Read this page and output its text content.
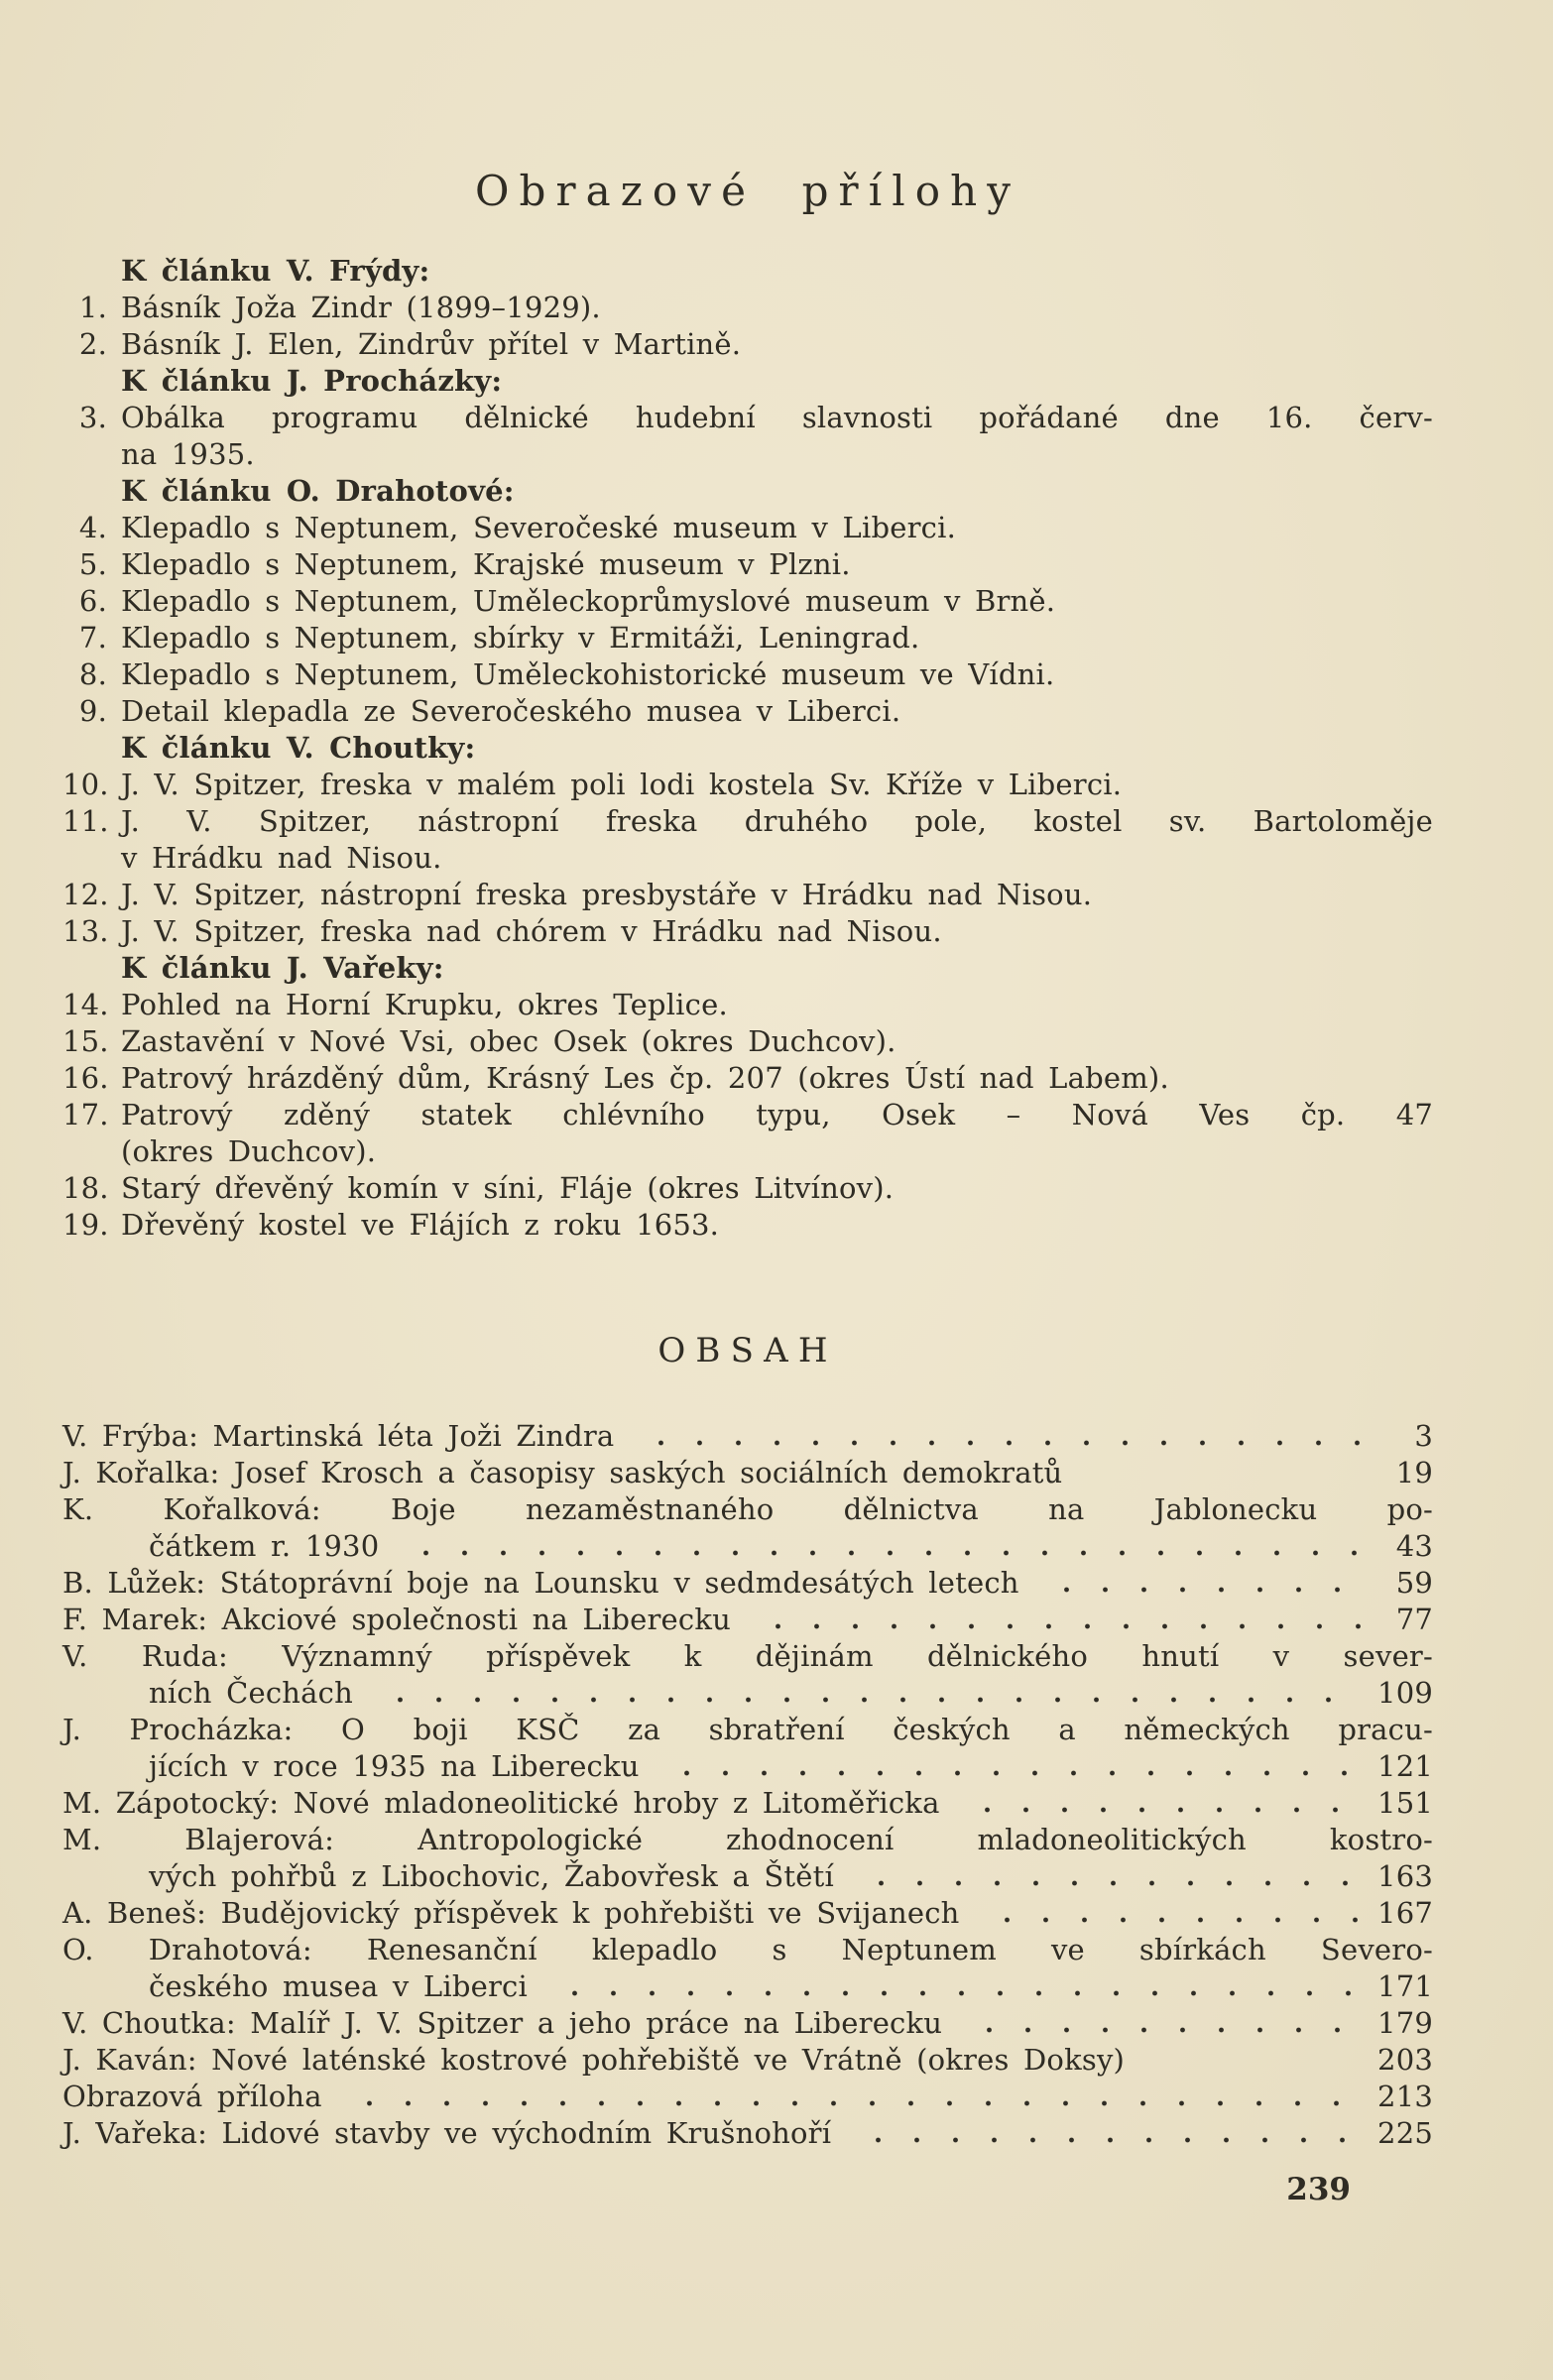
Obrazové přílohy
K článku V. Frýdy:
1. Básník Joža Zindr (1899–1929).
2. Básník J. Elen, Zindrův přítel v Martině.
K článku J. Procházky:
3. Obálka programu dělnické hudební slavnosti pořádané dne 16. červ-
na 1935.
K článku O. Drahotové:
4. Klepadlo s Neptunem, Severočeské museum v Liberci.
5. Klepadlo s Neptunem, Krajské museum v Plzni.
6. Klepadlo s Neptunem, Uměleckoprůmyslové museum v Brně.
7. Klepadlo s Neptunem, sbírky v Ermitáži, Leningrad.
8. Klepadlo s Neptunem, Uměleckohistorické museum ve Vídni.
9. Detail klepadla ze Severočeského musea v Liberci.
K článku V. Choutky:
10. J. V. Spitzer, freska v malém poli lodi kostela Sv. Kříže v Liberci.
11. J. V. Spitzer, nástropní freska druhého pole, kostel sv. Bartoloměje
v Hrádku nad Nisou.
12. J. V. Spitzer, nástropní freska presbystáře v Hrádku nad Nisou.
13. J. V. Spitzer, freska nad chórem v Hrádku nad Nisou.
K článku J. Vařeky:
14. Pohled na Horní Krupku, okres Teplice.
15. Zastavění v Nové Vsi, obec Osek (okres Duchcov).
16. Patrový hrázděný dům, Krásný Les čp. 207 (okres Ústí nad Labem).
17. Patrový zděný statek chlévního typu, Osek – Nová Ves čp. 47
(okres Duchcov).
18. Starý dřevěný komín v síni, Fláje (okres Litvínov).
19. Dřevěný kostel ve Flájích z roku 1653.
OBSAH
V. Frýba: Martinská léta Joži Zindra	3
J. Kořalka: Josef Krosch a časopisy saských sociálních demokratů	19
K. Kořalková: Boje nezaměstnaného dělnictva na Jablonecku po-
čátkem r. 1930	43
B. Lůžek: Státoprávní boje na Lounsku v sedmdesátých letech	59
F. Marek: Akciové společnosti na Liberecku	77
V. Ruda: Významný příspěvek k dějinám dělnického hnutí v sever-
ních Čechách	109
J. Procházka: O boji KSČ za sbratření českých a německých pracu-
jících v roce 1935 na Liberecku	121
M. Zápotocký: Nové mladoneolitické hroby z Litoměřicka	151
M. Blajerová: Antropologické zhodnocení mladoneolitických kostro-
vých pohřbů z Libochovic, Žabovřesk a Štětí	163
A. Beneš: Budějovický příspěvek k pohřebišti ve Svijanech	167
O. Drahotová: Renesanční klepadlo s Neptunem ve sbírkách Severo-
českého musea v Liberci	171
V. Choutka: Malíř J. V. Spitzer a jeho práce na Liberecku	179
J. Kaván: Nové laténské kostrové pohřebiště ve Vrátně (okres Doksy)	203
Obrazová příloha	213
J. Vařeka: Lidové stavby ve východním Krušnohoří	225
239
